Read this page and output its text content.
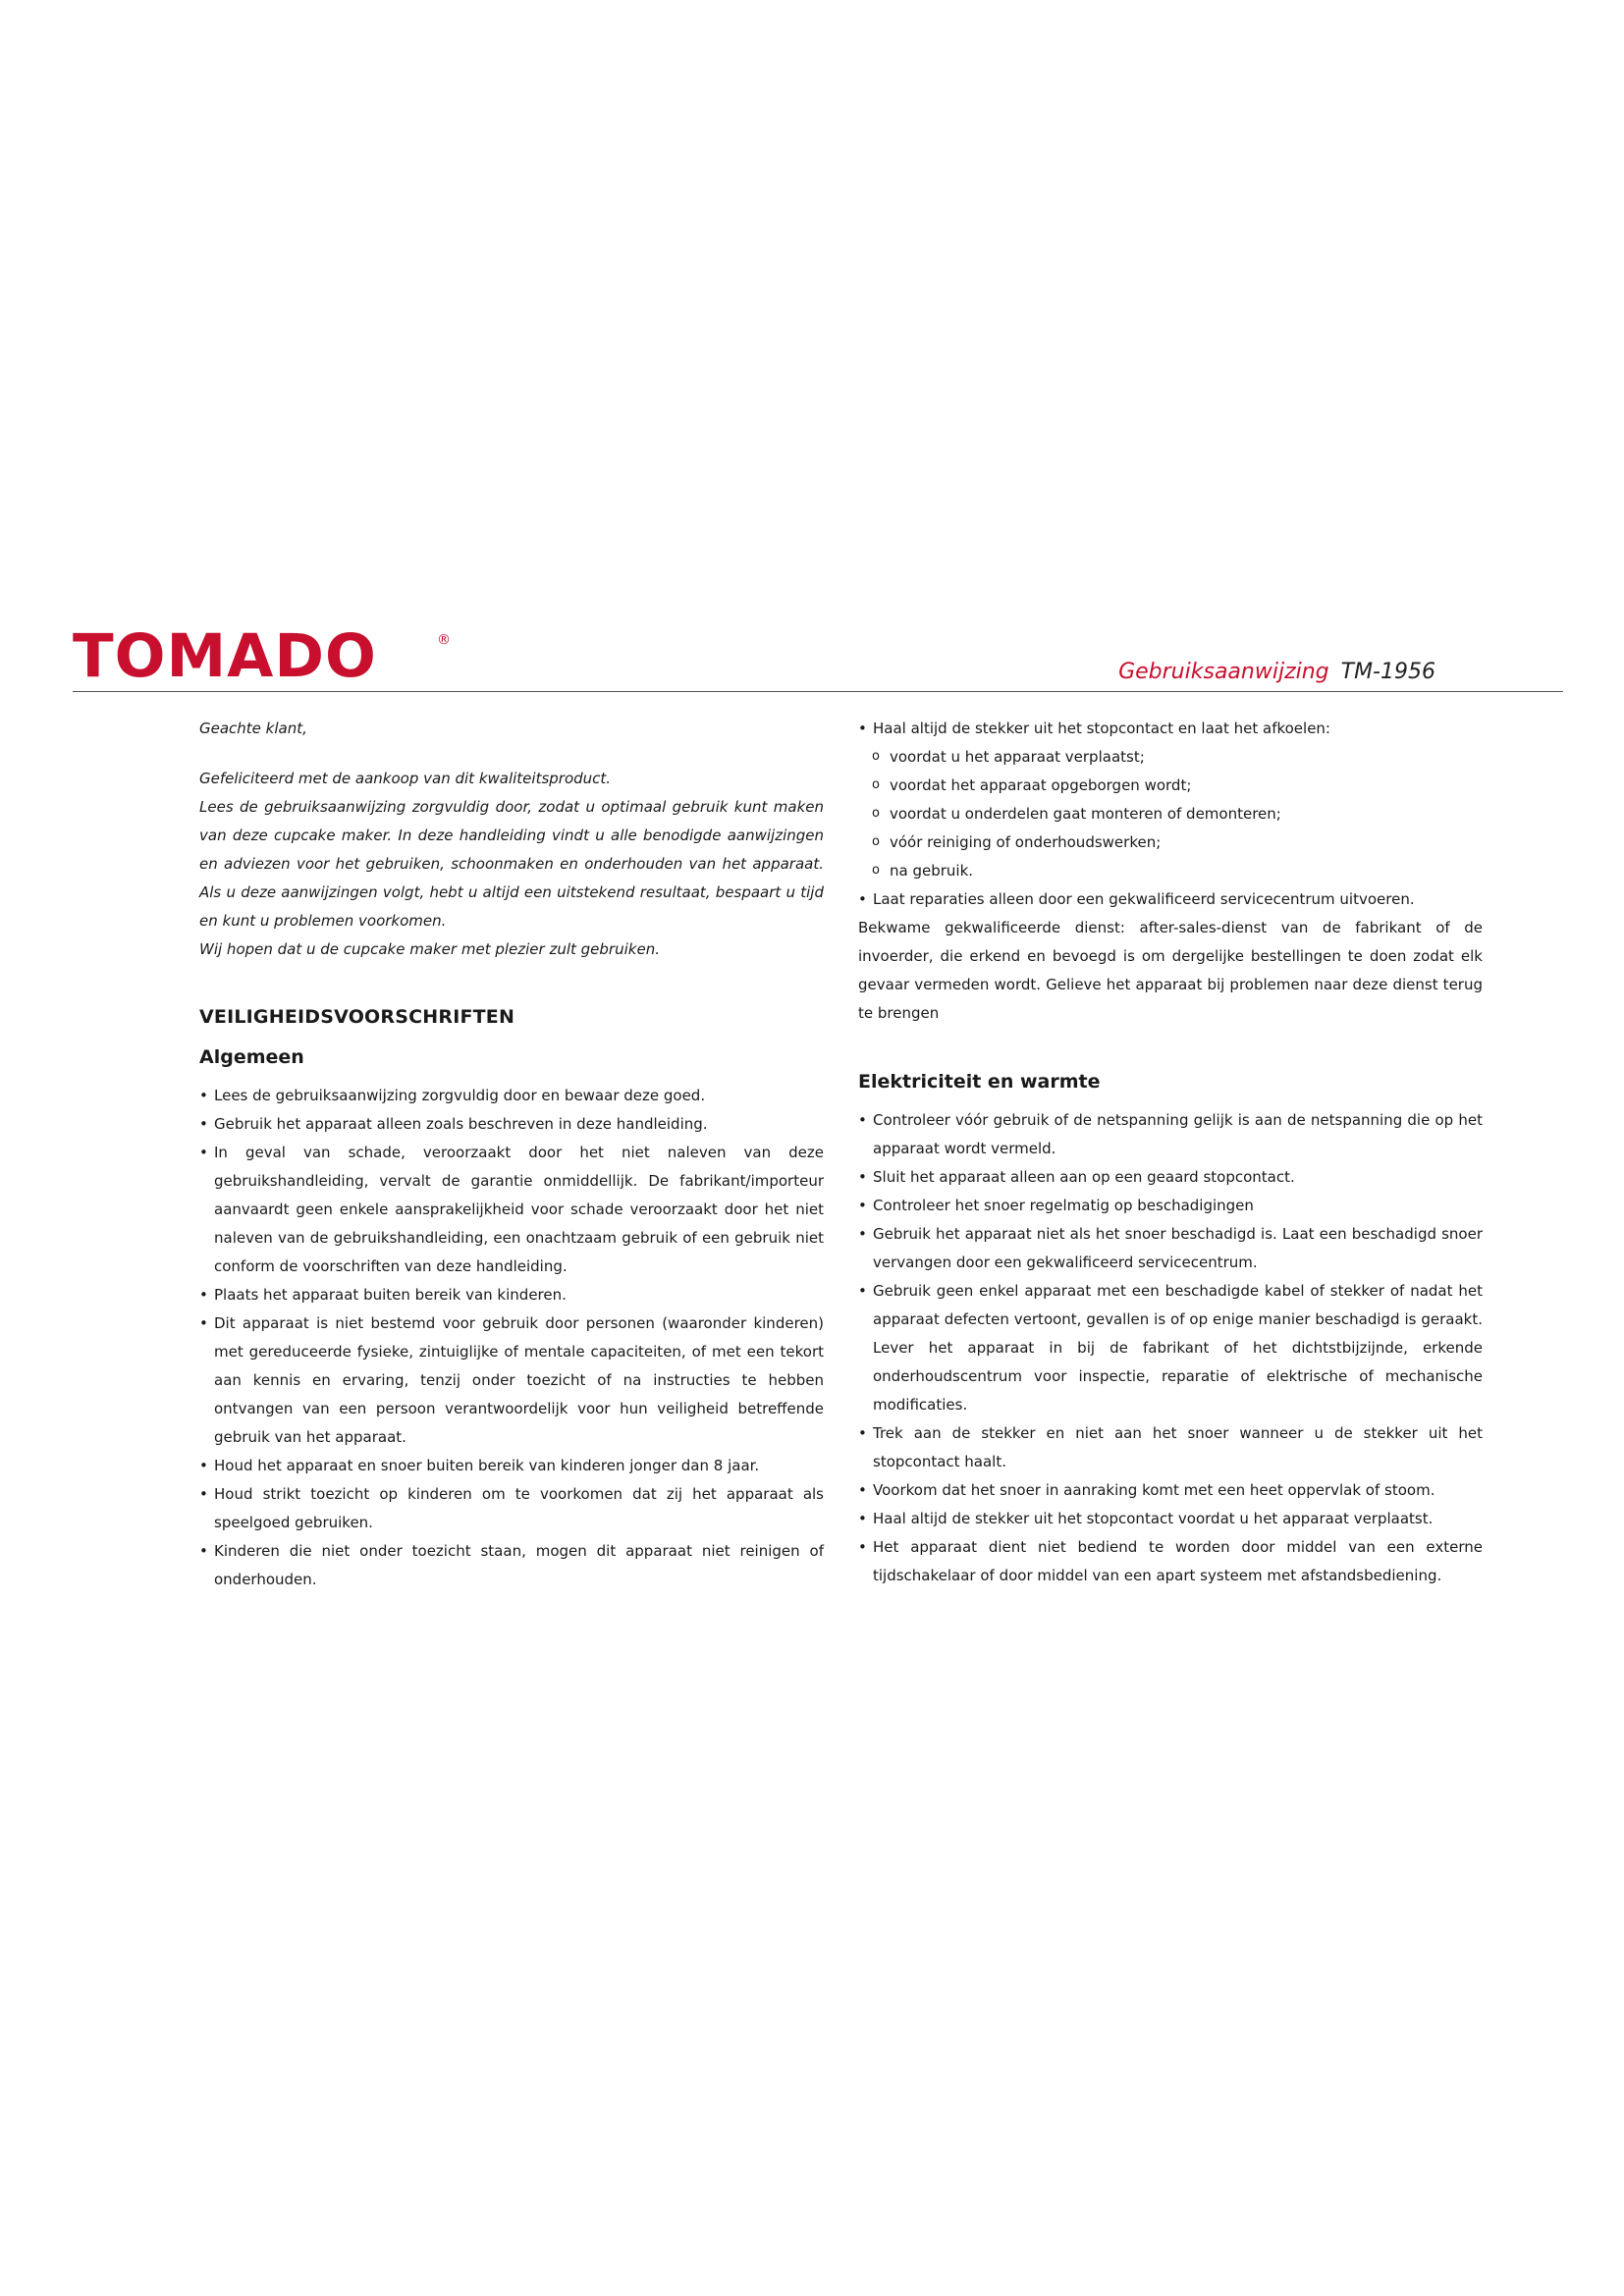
TOMADO	®
Gebruiksaanwijzing TM-1956

Geachte klant,

Gefeliciteerd met de aankoop van dit kwaliteitsproduct.

Lees de gebruiksaanwijzing zorgvuldig door, zodat u optimaal gebruik kunt maken van deze cupcake maker. In deze handleiding vindt u alle benodigde aanwijzingen en adviezen voor het gebruiken, schoonmaken en onderhouden van het apparaat. Als u deze aanwijzingen volgt, hebt u altijd een uitstekend resultaat, bespaart u tijd en kunt u problemen voorkomen.

Wij hopen dat u de cupcake maker met plezier zult gebruiken.

VEILIGHEIDSVOORSCHRIFTEN
Algemeen
• Lees de gebruiksaanwijzing zorgvuldig door en bewaar deze goed.
• Gebruik het apparaat alleen zoals beschreven in deze handleiding.
• In geval van schade, veroorzaakt door het niet naleven van deze gebruikshandleiding, vervalt de garantie onmiddellijk. De fabrikant/importeur aanvaardt geen enkele aansprakelijkheid voor schade veroorzaakt door het niet naleven van de gebruikshandleiding, een onachtzaam gebruik of een gebruik niet conform de voorschriften van deze handleiding.
• Plaats het apparaat buiten bereik van kinderen.
• Dit apparaat is niet bestemd voor gebruik door personen (waaronder kinderen) met gereduceerde fysieke, zintuiglijke of mentale capaciteiten, of met een tekort aan kennis en ervaring, tenzij onder toezicht of na instructies te hebben ontvangen van een persoon verantwoordelijk voor hun veiligheid betreffende gebruik van het apparaat.
• Houd het apparaat en snoer buiten bereik van kinderen jonger dan 8 jaar.
• Houd strikt toezicht op kinderen om te voorkomen dat zij het apparaat als speelgoed gebruiken.
• Kinderen die niet onder toezicht staan, mogen dit apparaat niet reinigen of onderhouden.
• Haal altijd de stekker uit het stopcontact en laat het afkoelen:
o voordat u het apparaat verplaatst;
o voordat het apparaat opgeborgen wordt;
o voordat u onderdelen gaat monteren of demonteren;
o vóór reiniging of onderhoudswerken;
o na gebruik.
• Laat reparaties alleen door een gekwalificeerd servicecentrum uitvoeren.

Bekwame gekwalificeerde dienst: after-sales-dienst van de fabrikant of de invoerder, die erkend en bevoegd is om dergelijke bestellingen te doen zodat elk gevaar vermeden wordt. Gelieve het apparaat bij problemen naar deze dienst terug te brengen

Elektriciteit en warmte
• Controleer vóór gebruik of de netspanning gelijk is aan de netspanning die op het apparaat wordt vermeld.
• Sluit het apparaat alleen aan op een geaard stopcontact.
• Controleer het snoer regelmatig op beschadigingen
• Gebruik het apparaat niet als het snoer beschadigd is. Laat een beschadigd snoer vervangen door een gekwalificeerd servicecentrum.
• Gebruik geen enkel apparaat met een beschadigde kabel of stekker of nadat het apparaat defecten vertoont, gevallen is of op enige manier beschadigd is geraakt. Lever het apparaat in bij de fabrikant of het dichtstbijzijnde, erkende onderhoudscentrum voor inspectie, reparatie of elektrische of mechanische modificaties.
• Trek aan de stekker en niet aan het snoer wanneer u de stekker uit het stopcontact haalt.
• Voorkom dat het snoer in aanraking komt met een heet oppervlak of stoom.
• Haal altijd de stekker uit het stopcontact voordat u het apparaat verplaatst.
• Het apparaat dient niet bediend te worden door middel van een externe tijdschakelaar of door middel van een apart systeem met afstandsbediening.
